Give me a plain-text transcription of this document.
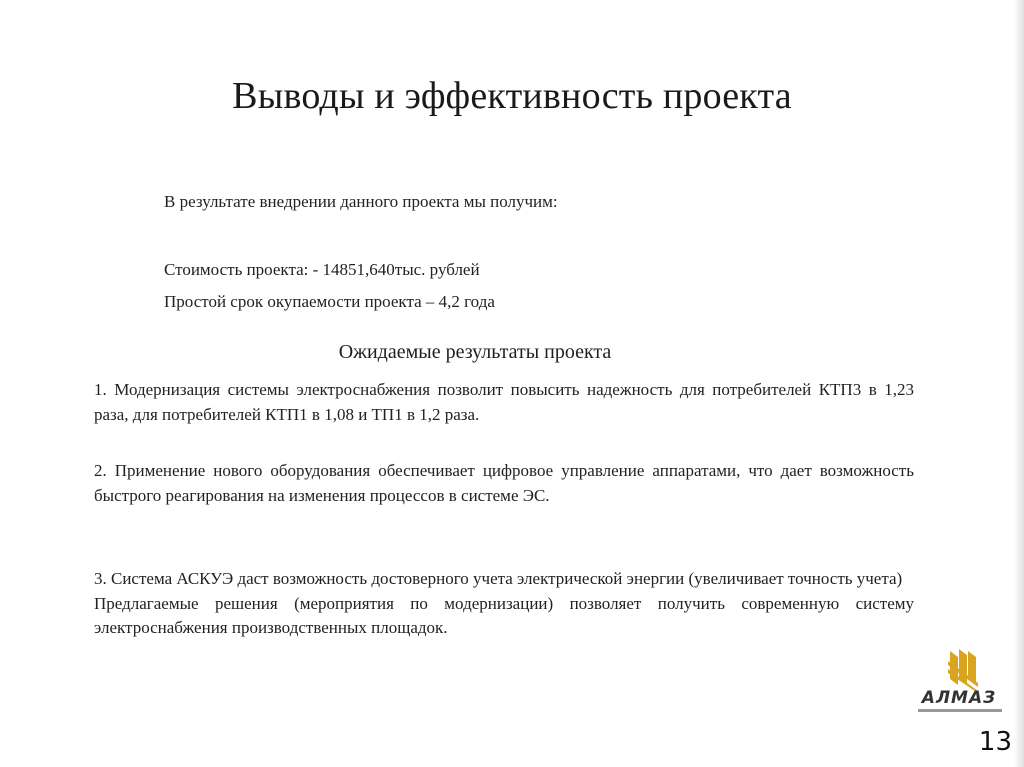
Выводы и эффективность проекта
В результате внедрении данного проекта мы получим:
Стоимость проекта: - 14851,640тыс. рублей
Простой срок окупаемости проекта – 4,2 года
Ожидаемые результаты проекта
1. Модернизация системы электроснабжения позволит повысить надежность для потребителей КТП3 в 1,23 раза, для потребителей КТП1 в 1,08 и ТП1 в 1,2 раза.
2. Применение нового оборудования обеспечивает цифровое управление аппаратами, что дает возможность быстрого реагирования на изменения процессов в системе ЭС.
3. Система АСКУЭ даст возможность достоверного учета электрической энергии (увеличивает точность учета)
Предлагаемые решения (мероприятия по модернизации) позволяет получить современную систему электроснабжения производственных площадок.
АЛМАЗ
13
